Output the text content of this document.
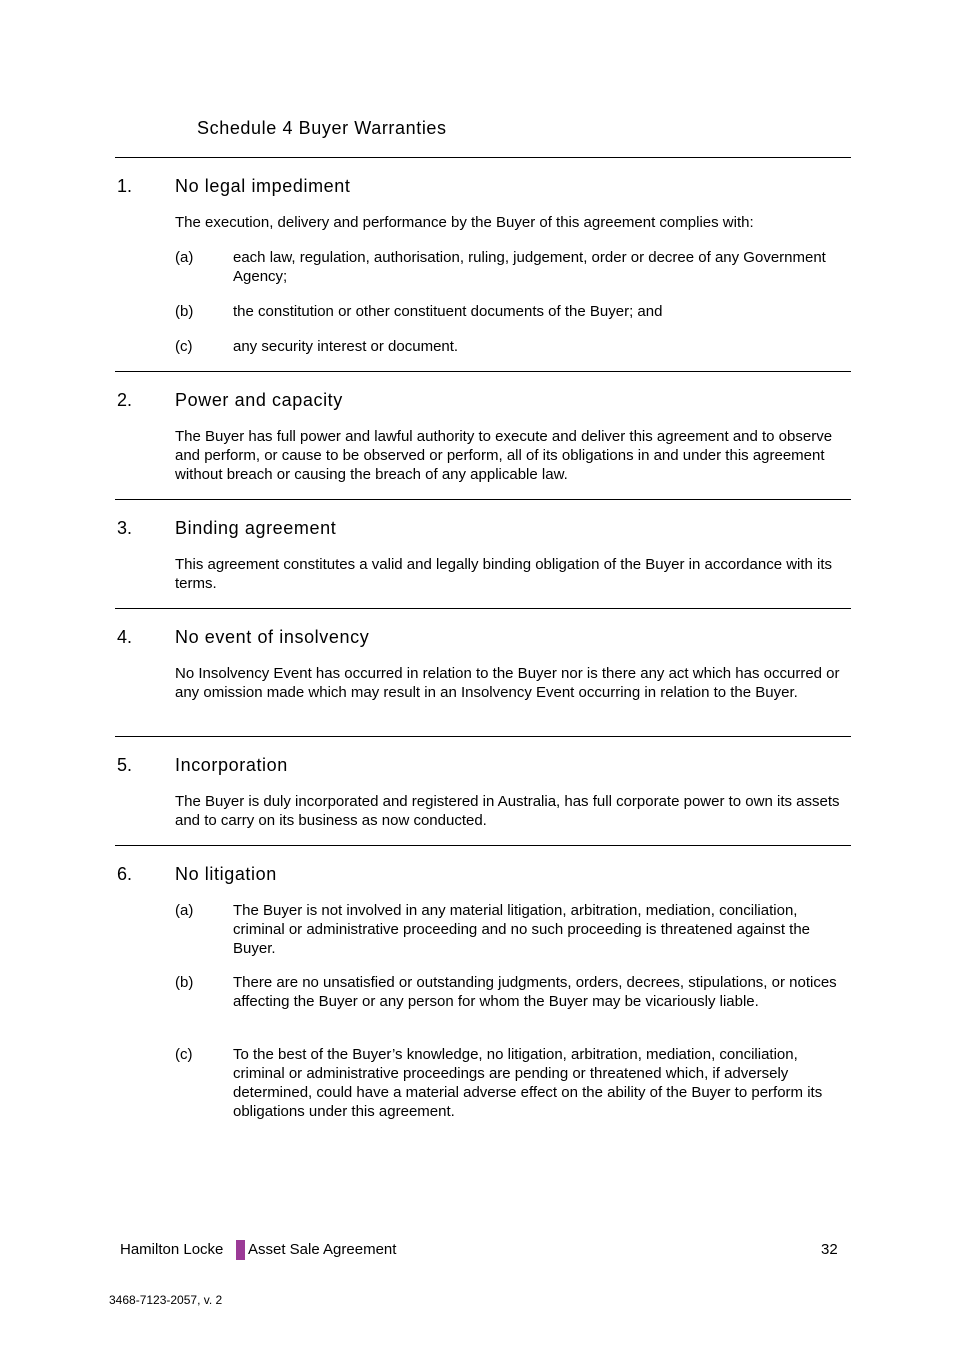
Schedule 4 Buyer Warranties
1. No legal impediment
The execution, delivery and performance by the Buyer of this agreement complies with:
(a)	each law, regulation, authorisation, ruling, judgement, order or decree of any Government Agency;
(b)	the constitution or other constituent documents of the Buyer; and
(c)	any security interest or document.
2. Power and capacity
The Buyer has full power and lawful authority to execute and deliver this agreement and to observe and perform, or cause to be observed or perform, all of its obligations in and under this agreement without breach or causing the breach of any applicable law.
3. Binding agreement
This agreement constitutes a valid and legally binding obligation of the Buyer in accordance with its terms.
4. No event of insolvency
No Insolvency Event has occurred in relation to the Buyer nor is there any act which has occurred or any omission made which may result in an Insolvency Event occurring in relation to the Buyer.
5. Incorporation
The Buyer is duly incorporated and registered in Australia, has full corporate power to own its assets and to carry on its business as now conducted.
6. No litigation
(a)	The Buyer is not involved in any material litigation, arbitration, mediation, conciliation, criminal or administrative proceeding and no such proceeding is threatened against the Buyer.
(b)	There are no unsatisfied or outstanding judgments, orders, decrees, stipulations, or notices affecting the Buyer or any person for whom the Buyer may be vicariously liable.
(c)	To the best of the Buyer’s knowledge, no litigation, arbitration, mediation, conciliation, criminal or administrative proceedings are pending or threatened which, if adversely determined, could have a material adverse effect on the ability of the Buyer to perform its obligations under this agreement.
Hamilton Locke Asset Sale Agreement	32
3468-7123-2057, v. 2
